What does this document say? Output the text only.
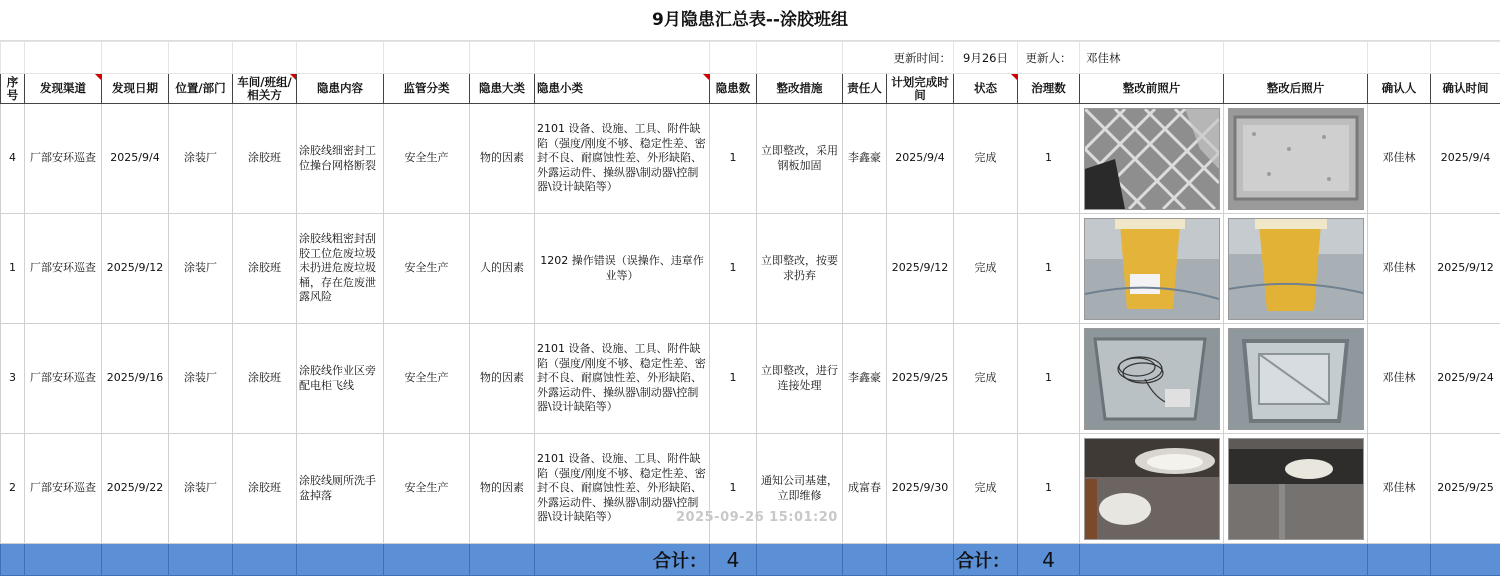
9月隐患汇总表--涂胶班组
											更新时间：		9月26日	更新人：	邓佳林			
序号	发现渠道	发现日期	位置/部门	车间/班组/相关方	隐患内容	监管分类	隐患大类	隐患小类	隐患数	整改措施	责任人	计划完成时间	状态	治理数	整改前照片	整改后照片	确认人	确认时间
4	厂部安环巡查	2025/9/4	涂装厂	涂胶班	涂胶线细密封工位操台网格断裂	安全生产	物的因素	2101 设备、设施、工具、附件缺陷（强度/刚度不够、稳定性差、密封不良、耐腐蚀性差、外形缺陷、外露运动件、操纵器\制动器\控制器\设计缺陷等）	1	立即整改，采用钢板加固	李鑫豪	2025/9/4	完成	1			邓佳林	2025/9/4
1	厂部安环巡查	2025/9/12	涂装厂	涂胶班	涂胶线粗密封刮胶工位危废垃圾未扔进危废垃圾桶，存在危废泄露风险	安全生产	人的因素	1202 操作错误（误操作、违章作业等）	1	立即整改，按要求扔弃		2025/9/12	完成	1			邓佳林	2025/9/12
3	厂部安环巡查	2025/9/16	涂装厂	涂胶班	涂胶线作业区旁配电柜飞线	安全生产	物的因素	2101 设备、设施、工具、附件缺陷（强度/刚度不够、稳定性差、密封不良、耐腐蚀性差、外形缺陷、外露运动件、操纵器\制动器\控制器\设计缺陷等）	1	立即整改，进行连接处理	李鑫豪	2025/9/25	完成	1			邓佳林	2025/9/24
2	厂部安环巡查	2025/9/22	涂装厂	涂胶班	涂胶线厕所洗手盆掉落	安全生产	物的因素	2101 设备、设施、工具、附件缺陷（强度/刚度不够、稳定性差、密封不良、耐腐蚀性差、外形缺陷、外露运动件、操纵器\制动器\控制器\设计缺陷等）	1	通知公司基建，立即维修	成富春	2025/9/30	完成	1			邓佳林	2025/9/25
								合计：	4				合计：	4				
2025-09-26 15:01:20
